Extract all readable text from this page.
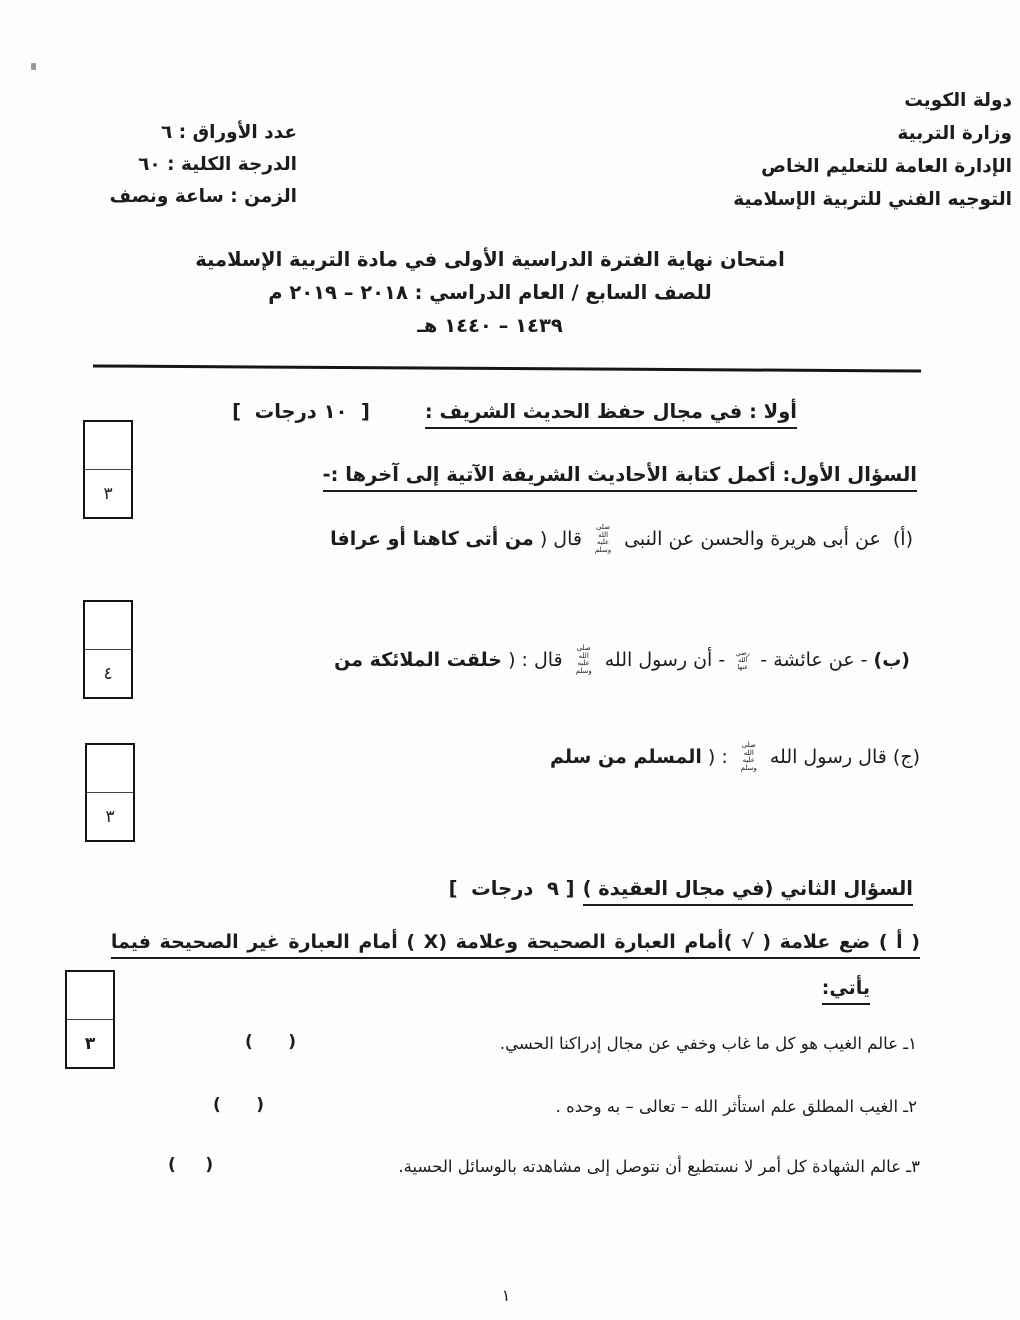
دولة الكويت
وزارة التربية
الإدارة العامة للتعليم الخاص
التوجيه الفني للتربية الإسلامية
عدد الأوراق : ٦
الدرجة الكلية : ٦٠
الزمن : ساعة ونصف
امتحان نهاية الفترة الدراسية الأولى في مادة التربية الإسلامية
للصف السابع / العام الدراسي : ٢٠١٨ – ٢٠١٩ م
١٤٣٩ – ١٤٤٠ هـ
أولا : في مجال حفظ الحديث الشريف :[  ١٠ درجات  ]
السؤال الأول: أكمل كتابة الأحاديث الشريفة الآتية إلى آخرها :-
(أ)  عن أبى هريرة والحسن عن النبى صلى الله عليه وسلم قال ( من أتى كاهنا أو عرافا
(ب) - عن عائشة - رضي الله عنها - أن رسول الله صلى الله عليه وسلم قال : ( خلقت الملائكة من
(ج) قال رسول الله صلى الله عليه وسلم : ( المسلم من سلم
٣
٤
٣
٣
السؤال الثاني (في مجال العقيدة )[ ٩  درجات  ]
( أ ) ضع علامة ( √ )أمام العبارة الصحيحة وعلامة (X ) أمام العبارة غير الصحيحة فيما
يأتي:
١ـ عالم الغيب هو كل ما غاب وخفي عن مجال إدراكنا الحسي.
(      )
٢ـ الغيب المطلق علم استأثر الله – تعالى – به وحده .
(      )
٣ـ عالم الشهادة كل أمر لا نستطيع أن نتوصل إلى مشاهدته بالوسائل الحسية.
(     )
١
